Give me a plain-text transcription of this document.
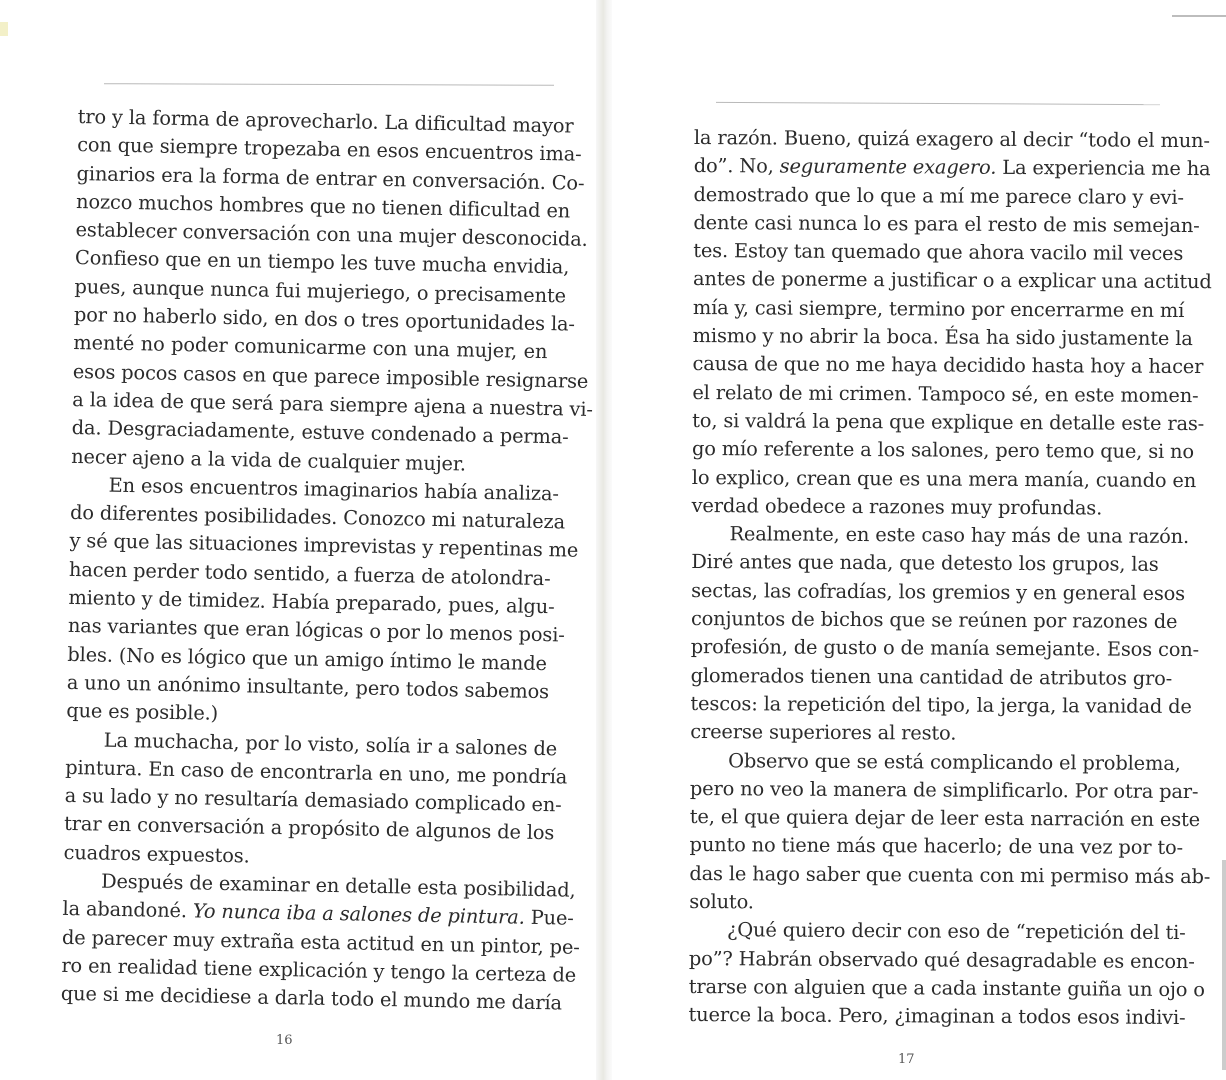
tro y la forma de aprovecharlo. La dificultad mayor
con que siempre tropezaba en esos encuentros ima-
ginarios era la forma de entrar en conversación. Co-
nozco muchos hombres que no tienen dificultad en
establecer conversación con una mujer desconocida.
Confieso que en un tiempo les tuve mucha envidia,
pues, aunque nunca fui mujeriego, o precisamente
por no haberlo sido, en dos o tres oportunidades la-
menté no poder comunicarme con una mujer, en
esos pocos casos en que parece imposible resignarse
a la idea de que será para siempre ajena a nuestra vi-
da. Desgraciadamente, estuve condenado a perma-
necer ajeno a la vida de cualquier mujer.
En esos encuentros imaginarios había analiza-
do diferentes posibilidades. Conozco mi naturaleza
y sé que las situaciones imprevistas y repentinas me
hacen perder todo sentido, a fuerza de atolondra-
miento y de timidez. Había preparado, pues, algu-
nas variantes que eran lógicas o por lo menos posi-
bles. (No es lógico que un amigo íntimo le mande
a uno un anónimo insultante, pero todos sabemos
que es posible.)
La muchacha, por lo visto, solía ir a salones de
pintura. En caso de encontrarla en uno, me pondría
a su lado y no resultaría demasiado complicado en-
trar en conversación a propósito de algunos de los
cuadros expuestos.
Después de examinar en detalle esta posibilidad,
la abandoné. Yo nunca iba a salones de pintura. Pue-
de parecer muy extraña esta actitud en un pintor, pe-
ro en realidad tiene explicación y tengo la certeza de
que si me decidiese a darla todo el mundo me daría
16
la razón. Bueno, quizá exagero al decir “todo el mun-
do”. No, seguramente exagero. La experiencia me ha
demostrado que lo que a mí me parece claro y evi-
dente casi nunca lo es para el resto de mis semejan-
tes. Estoy tan quemado que ahora vacilo mil veces
antes de ponerme a justificar o a explicar una actitud
mía y, casi siempre, termino por encerrarme en mí
mismo y no abrir la boca. Ésa ha sido justamente la
causa de que no me haya decidido hasta hoy a hacer
el relato de mi crimen. Tampoco sé, en este momen-
to, si valdrá la pena que explique en detalle este ras-
go mío referente a los salones, pero temo que, si no
lo explico, crean que es una mera manía, cuando en
verdad obedece a razones muy profundas.
Realmente, en este caso hay más de una razón.
Diré antes que nada, que detesto los grupos, las
sectas, las cofradías, los gremios y en general esos
conjuntos de bichos que se reúnen por razones de
profesión, de gusto o de manía semejante. Esos con-
glomerados tienen una cantidad de atributos gro-
tescos: la repetición del tipo, la jerga, la vanidad de
creerse superiores al resto.
Observo que se está complicando el problema,
pero no veo la manera de simplificarlo. Por otra par-
te, el que quiera dejar de leer esta narración en este
punto no tiene más que hacerlo; de una vez por to-
das le hago saber que cuenta con mi permiso más ab-
soluto.
¿Qué quiero decir con eso de “repetición del ti-
po”? Habrán observado qué desagradable es encon-
trarse con alguien que a cada instante guiña un ojo o
tuerce la boca. Pero, ¿imaginan a todos esos indivi-
17
